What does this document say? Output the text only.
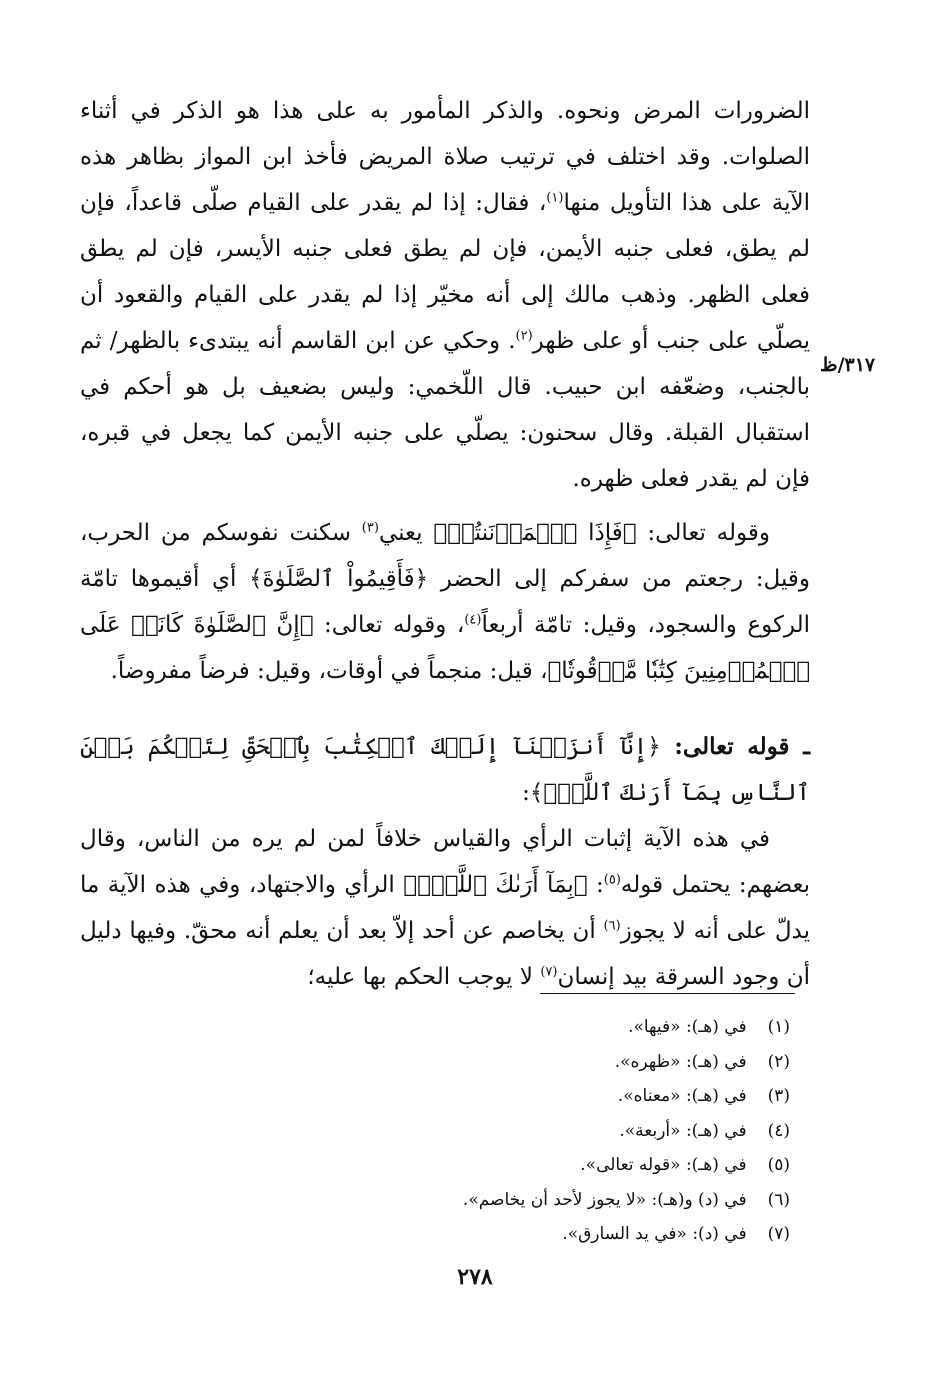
الضرورات المرض ونحوه. والذكر المأمور به على هذا هو الذكر في أثناء الصلوات. وقد اختلف في ترتيب صلاة المريض فأخذ ابن المواز بظاهر هذه الآية على هذا التأويل منها$^{(١)}$، فقال: إذا لم يقدر على القيام صلّى قاعداً، فإن لم يطق، فعلى جنبه الأيمن، فإن لم يطق فعلى جنبه الأيسر، فإن لم يطق فعلى الظهر. وذهب مالك إلى أنه مخيّر إذا لم يقدر على القيام والقعود أن يصلّي على جنب أو على ظهر$^{(٢)}$. وحكي عن ابن القاسم أنه يبتدىء بالظهر/ ثم بالجنب، وضعّفه ابن حبيب. قال اللّخمي: وليس بضعيف بل هو أحكم في استقبال القبلة. وقال سحنون: يصلّي على جنبه الأيمن كما يجعل في قبره، فإن لم يقدر فعلى ظهره.

وقوله تعالى: ﴿فَإِذَا ٱطۡمَأۡنَنتُمۡ﴾ يعني$^{(٣)}$ سكنت نفوسكم من الحرب، وقيل: رجعتم من سفركم إلى الحضر ﴿فَأَقِيمُواْ ٱلصَّلَوٰةَ﴾ أي أقيموها تامّة الركوع والسجود، وقيل: تامّة أربعاً$^{(٤)}$، وقوله تعالى: ﴿إِنَّ ٱلصَّلَوٰةَ كَانَتۡ عَلَى ٱلۡمُؤۡمِنِينَ كِتَٰبٗا مَّوۡقُوتٗا﴾، قيل: منجماً في أوقات، وقيل: فرضاً مفروضاً.

ـ قوله تعالى: ﴿إِنَّآ أَنزَلۡنَآ إِلَيۡكَ ٱلۡكِتَٰبَ بِٱلۡحَقِّ لِتَحۡكُمَ بَيۡنَ ٱلنَّاسِ بِمَآ أَرَىٰكَ ٱللَّهُۚ﴾:

في هذه الآية إثبات الرأي والقياس خلافاً لمن لم يره من الناس، وقال بعضهم: يحتمل قوله$^{(٥)}$: ﴿بِمَآ أَرَىٰكَ ٱللَّهُۚ﴾ الرأي والاجتهاد، وفي هذه الآية ما يدلّ على أنه لا يجوز$^{(٦)}$ أن يخاصم عن أحد إلاّ بعد أن يعلم أنه محقّ. وفيها دليل أن وجود السرقة بيد إنسان$^{(٧)}$ لا يوجب الحكم بها عليه؛

٣١٧/ظ
(١) في (هـ): «فيها».
(٢) في (هـ): «ظهره».
(٣) في (هـ): «معناه».
(٤) في (هـ): «أربعة».
(٥) في (هـ): «قوله تعالى».
(٦) في (د) و(هـ): «لا يجوز لأحد أن يخاصم».
(٧) في (د): «في يد السارق».
٢٧٨
